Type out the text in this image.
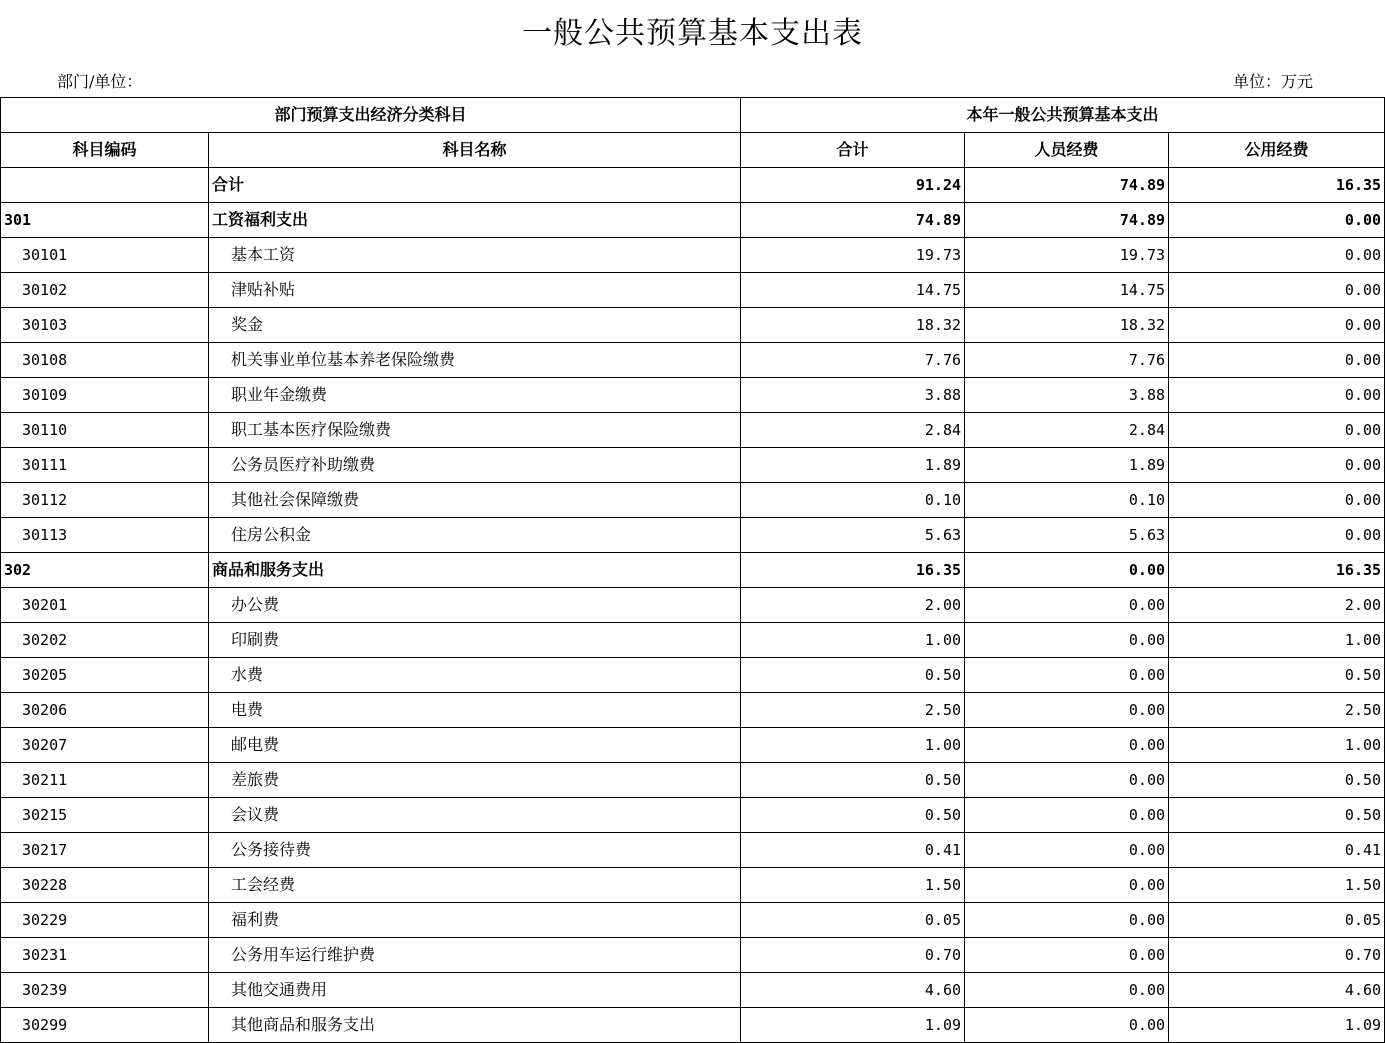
一般公共预算基本支出表
部门/单位：	单位：万元
部门预算支出经济分类科目		本年一般公共预算基本支出		
科目编码	科目名称	合计	人员经费	公用经费
	合计	91.24	74.89	16.35
301	工资福利支出	74.89	74.89	0.00
30101	基本工资	19.73	19.73	0.00
30102	津贴补贴	14.75	14.75	0.00
30103	奖金	18.32	18.32	0.00
30108	机关事业单位基本养老保险缴费	7.76	7.76	0.00
30109	职业年金缴费	3.88	3.88	0.00
30110	职工基本医疗保险缴费	2.84	2.84	0.00
30111	公务员医疗补助缴费	1.89	1.89	0.00
30112	其他社会保障缴费	0.10	0.10	0.00
30113	住房公积金	5.63	5.63	0.00
302	商品和服务支出	16.35	0.00	16.35
30201	办公费	2.00	0.00	2.00
30202	印刷费	1.00	0.00	1.00
30205	水费	0.50	0.00	0.50
30206	电费	2.50	0.00	2.50
30207	邮电费	1.00	0.00	1.00
30211	差旅费	0.50	0.00	0.50
30215	会议费	0.50	0.00	0.50
30217	公务接待费	0.41	0.00	0.41
30228	工会经费	1.50	0.00	1.50
30229	福利费	0.05	0.00	0.05
30231	公务用车运行维护费	0.70	0.00	0.70
30239	其他交通费用	4.60	0.00	4.60
30299	其他商品和服务支出	1.09	0.00	1.09
